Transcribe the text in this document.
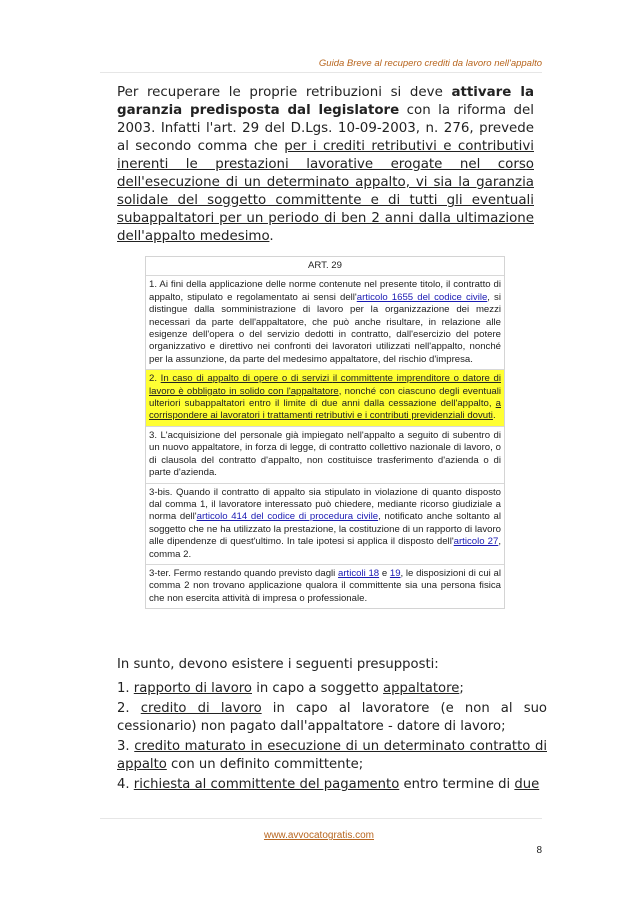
Guida Breve al recupero crediti da lavoro nell'appalto
Per recuperare le proprie retribuzioni si deve attivare la garanzia predisposta dal legislatore con la riforma del 2003. Infatti l'art. 29 del D.Lgs. 10-09-2003, n. 276, prevede al secondo comma che per i crediti retributivi e contributivi inerenti le prestazioni lavorative erogate nel corso dell'esecuzione di un determinato appalto, vi sia la garanzia solidale del soggetto committente e di tutti gli eventuali subappaltatori per un periodo di ben 2 anni dalla ultimazione dell'appalto medesimo.
ART. 29
1. Ai fini della applicazione delle norme contenute nel presente titolo, il contratto di appalto, stipulato e regolamentato ai sensi dell'articolo 1655 del codice civile, si distingue dalla somministrazione di lavoro per la organizzazione dei mezzi necessari da parte dell'appaltatore, che può anche risultare, in relazione alle esigenze dell'opera o del servizio dedotti in contratto, dall'esercizio del potere organizzativo e direttivo nei confronti dei lavoratori utilizzati nell'appalto, nonché per la assunzione, da parte del medesimo appaltatore, del rischio d'impresa.
2. In caso di appalto di opere o di servizi il committente imprenditore o datore di lavoro è obbligato in solido con l'appaltatore, nonché con ciascuno degli eventuali ulteriori subappaltatori entro il limite di due anni dalla cessazione dell'appalto, a corrispondere ai lavoratori i trattamenti retributivi e i contributi previdenziali dovuti.
3. L'acquisizione del personale già impiegato nell'appalto a seguito di subentro di un nuovo appaltatore, in forza di legge, di contratto collettivo nazionale di lavoro, o di clausola del contratto d'appalto, non costituisce trasferimento d'azienda o di parte d'azienda.
3-bis. Quando il contratto di appalto sia stipulato in violazione di quanto disposto dal comma 1, il lavoratore interessato può chiedere, mediante ricorso giudiziale a norma dell'articolo 414 del codice di procedura civile, notificato anche soltanto al soggetto che ne ha utilizzato la prestazione, la costituzione di un rapporto di lavoro alle dipendenze di quest'ultimo. In tale ipotesi si applica il disposto dell'articolo 27, comma 2.
3-ter. Fermo restando quando previsto dagli articoli 18 e 19, le disposizioni di cui al comma 2 non trovano applicazione qualora il committente sia una persona fisica che non esercita attività di impresa o professionale.
In sunto, devono esistere i seguenti presupposti:
1. rapporto di lavoro in capo a soggetto appaltatore;
2. credito di lavoro in capo al lavoratore (e non al suo cessionario) non pagato dall'appaltatore - datore di lavoro;
3. credito maturato in esecuzione di un determinato contratto di appalto con un definito committente;
4. richiesta al committente del pagamento entro termine di due
www.avvocatogratis.com
8
